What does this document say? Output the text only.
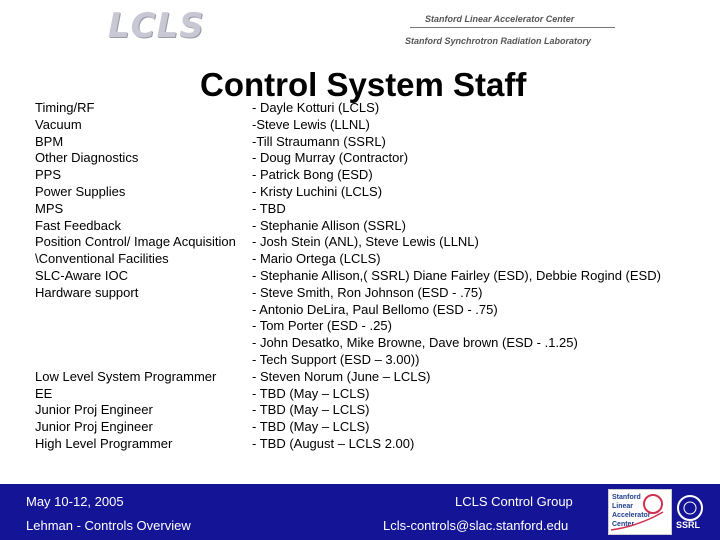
LCLS	Stanford Linear Accelerator Center
Stanford Synchrotron Radiation Laboratory
Control System Staff
Timing/RF	- Dayle Kotturi (LCLS)
Vacuum	-Steve Lewis (LLNL)
BPM	-Till Straumann (SSRL)
Other Diagnostics	- Doug Murray (Contractor)
PPS	- Patrick Bong (ESD)
Power Supplies	- Kristy Luchini (LCLS)
MPS	- TBD
Fast Feedback	- Stephanie Allison (SSRL)
Position Control/ Image Acquisition - Josh Stein (ANL), Steve Lewis (LLNL)
\Conventional Facilities	- Mario Ortega (LCLS)
SLC-Aware IOC	- Stephanie Allison,( SSRL) Diane Fairley (ESD), Debbie Rogind (ESD)
Hardware support	- Steve Smith, Ron Johnson (ESD - .75)
- Antonio DeLira, Paul Bellomo (ESD - .75)
- Tom Porter (ESD - .25)
- John Desatko, Mike Browne, Dave brown (ESD - .1.25)
- Tech Support (ESD – 3.00))
Low Level System Programmer	- Steven Norum (June – LCLS)
EE	- TBD (May – LCLS)
Junior Proj Engineer	- TBD (May – LCLS)
Junior Proj Engineer	- TBD (May – LCLS)
High Level Programmer	- TBD (August – LCLS 2.00)
May 10-12, 2005
Lehman - Controls Overview
LCLS Control Group
Lcls-controls@slac.stanford.edu
Stanford
Linear
Accelerator
Center	SSRL
